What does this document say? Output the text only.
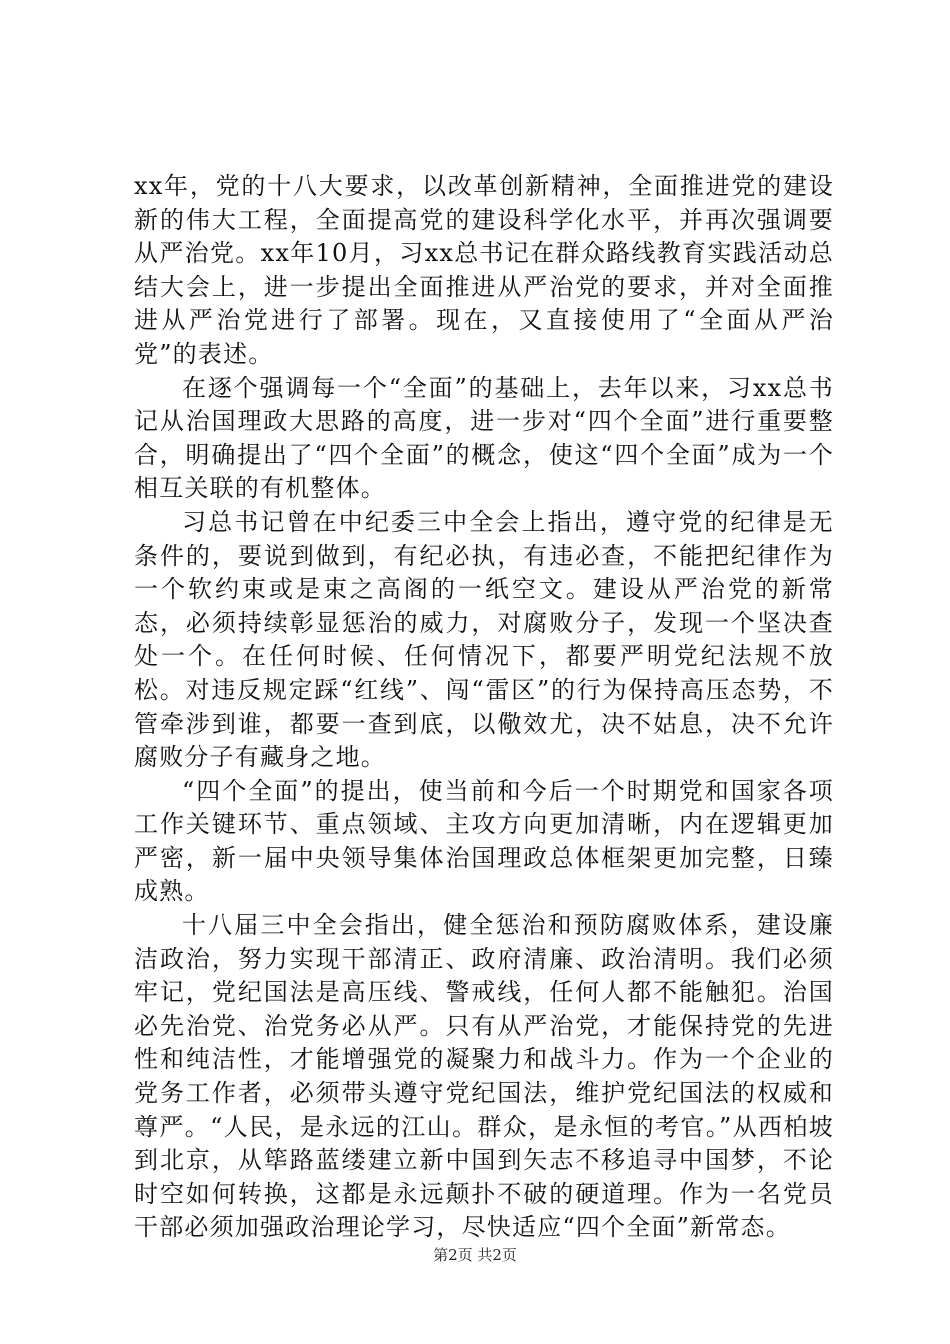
xx年，党的十八大要求，以改革创新精神，全面推进党的建设新的伟大工程，全面提高党的建设科学化水平，并再次强调要从严治党。xx年10月，习xx总书记在群众路线教育实践活动总结大会上，进一步提出全面推进从严治党的要求，并对全面推进从严治党进行了部署。现在，又直接使用了“全面从严治党”的表述。

在逐个强调每一个“全面”的基础上，去年以来，习xx总书记从治国理政大思路的高度，进一步对“四个全面”进行重要整合，明确提出了“四个全面”的概念，使这“四个全面”成为一个相互关联的有机整体。

习总书记曾在中纪委三中全会上指出，遵守党的纪律是无条件的，要说到做到，有纪必执，有违必查，不能把纪律作为一个软约束或是束之高阁的一纸空文。建设从严治党的新常态，必须持续彰显惩治的威力，对腐败分子，发现一个坚决查处一个。在任何时候、任何情况下，都要严明党纪法规不放松。对违反规定踩“红线”、闯“雷区”的行为保持高压态势，不管牵涉到谁，都要一查到底，以儆效尤，决不姑息，决不允许腐败分子有藏身之地。

“四个全面”的提出，使当前和今后一个时期党和国家各项工作关键环节、重点领域、主攻方向更加清晰，内在逻辑更加严密，新一届中央领导集体治国理政总体框架更加完整，日臻成熟。

十八届三中全会指出，健全惩治和预防腐败体系，建设廉洁政治，努力实现干部清正、政府清廉、政治清明。我们必须牢记，党纪国法是高压线、警戒线，任何人都不能触犯。治国必先治党、治党务必从严。只有从严治党，才能保持党的先进性和纯洁性，才能增强党的凝聚力和战斗力。作为一个企业的党务工作者，必须带头遵守党纪国法，维护党纪国法的权威和尊严。“人民，是永远的江山。群众，是永恒的考官。”从西柏坡到北京，从筚路蓝缕建立新中国到矢志不移追寻中国梦，不论时空如何转换，这都是永远颠扑不破的硬道理。作为一名党员干部必须加强政治理论学习，尽快适应“四个全面”新常态。

第2页 共2页
